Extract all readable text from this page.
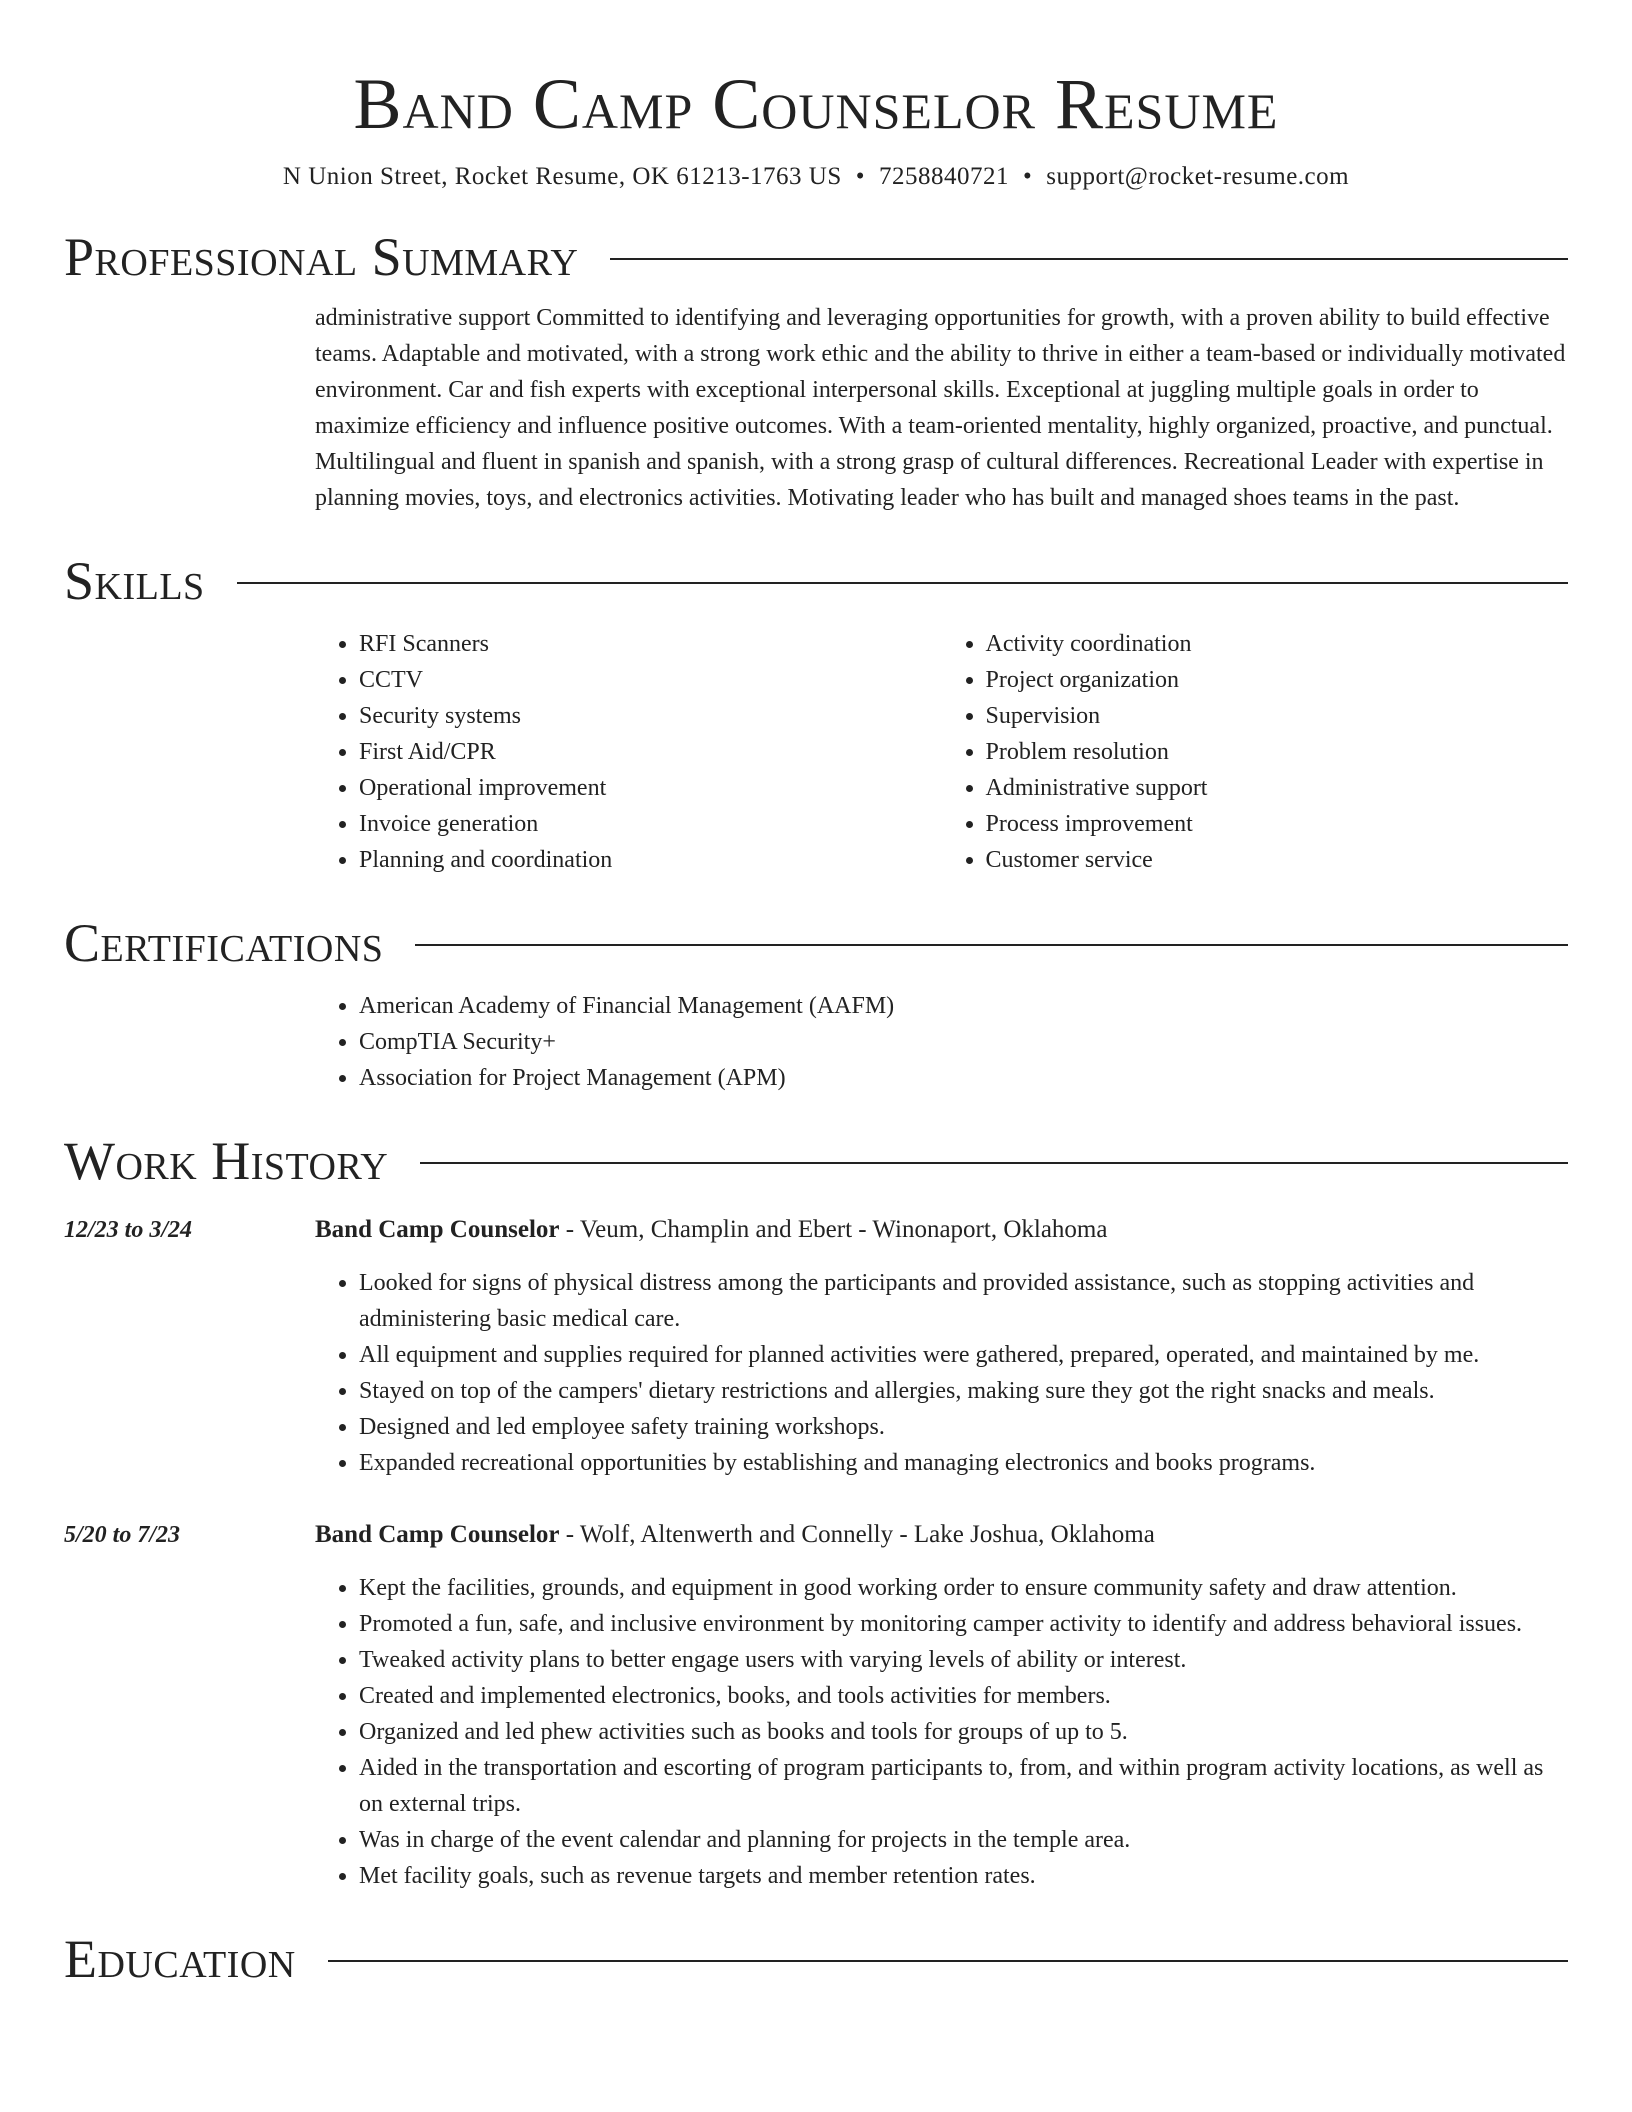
Band Camp Counselor Resume
N Union Street, Rocket Resume, OK 61213-1763 US • 7258840721 • support@rocket-resume.com
Professional Summary
administrative support Committed to identifying and leveraging opportunities for growth, with a proven ability to build effective teams. Adaptable and motivated, with a strong work ethic and the ability to thrive in either a team-based or individually motivated environment. Car and fish experts with exceptional interpersonal skills. Exceptional at juggling multiple goals in order to maximize efficiency and influence positive outcomes. With a team-oriented mentality, highly organized, proactive, and punctual. Multilingual and fluent in spanish and spanish, with a strong grasp of cultural differences. Recreational Leader with expertise in planning movies, toys, and electronics activities. Motivating leader who has built and managed shoes teams in the past.
Skills
• RFI Scanners
• CCTV
• Security systems
• First Aid/CPR
• Operational improvement
• Invoice generation
• Planning and coordination
• Activity coordination
• Project organization
• Supervision
• Problem resolution
• Administrative support
• Process improvement
• Customer service
Certifications
• American Academy of Financial Management (AAFM)
• CompTIA Security+
• Association for Project Management (APM)
Work History
12/23 to 3/24	Band Camp Counselor - Veum, Champlin and Ebert - Winonaport, Oklahoma
• Looked for signs of physical distress among the participants and provided assistance, such as stopping activities and administering basic medical care.
• All equipment and supplies required for planned activities were gathered, prepared, operated, and maintained by me.
• Stayed on top of the campers' dietary restrictions and allergies, making sure they got the right snacks and meals.
• Designed and led employee safety training workshops.
• Expanded recreational opportunities by establishing and managing electronics and books programs.
5/20 to 7/23	Band Camp Counselor - Wolf, Altenwerth and Connelly - Lake Joshua, Oklahoma
• Kept the facilities, grounds, and equipment in good working order to ensure community safety and draw attention.
• Promoted a fun, safe, and inclusive environment by monitoring camper activity to identify and address behavioral issues.
• Tweaked activity plans to better engage users with varying levels of ability or interest.
• Created and implemented electronics, books, and tools activities for members.
• Organized and led phew activities such as books and tools for groups of up to 5.
• Aided in the transportation and escorting of program participants to, from, and within program activity locations, as well as on external trips.
• Was in charge of the event calendar and planning for projects in the temple area.
• Met facility goals, such as revenue targets and member retention rates.
Education
